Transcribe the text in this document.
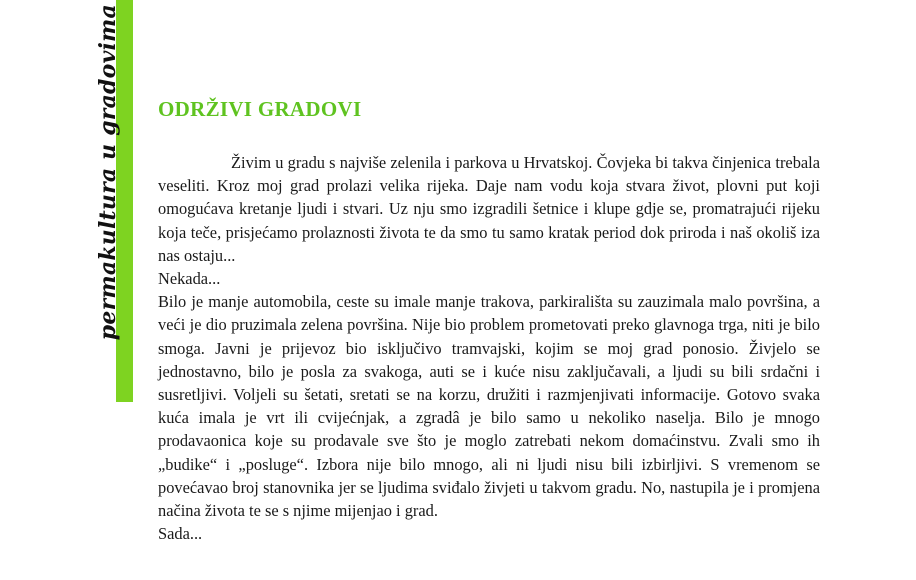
permakultura u gradovima ODRŽIVI GRADOVI

Živim u gradu s najviše zelenila i parkova u Hrvatskoj. Čovjeka bi takva činjenica trebala veseliti. Kroz moj grad prolazi velika rijeka. Daje nam vodu koja stvara život, plovni put koji omogućava kretanje ljudi i stvari. Uz nju smo izgradili šetnice i klupe gdje se, promatrajući rijeku koja teče, prisjećamo prolaznosti života te da smo tu samo kratak period dok priroda i naš okoliš iza nas ostaju...

Nekada...

Bilo je manje automobila, ceste su imale manje trakova, parkirališta su zauzimala malo površina, a veći je dio pruzimala zelena površina. Nije bio problem prometovati preko glavnoga trga, niti je bilo smoga. Javni je prijevoz bio isključivo tramvajski, kojim se moj grad ponosio. Živjelo se jednostavno, bilo je posla za svakoga, auti se i kuće nisu zaključavali, a ljudi su bili srdačni i susretljivi. Voljeli su šetati, sretati se na korzu, družiti i razmjenjivati informacije. Gotovo svaka kuća imala je vrt ili cvijećnjak, a zgradâ je bilo samo u nekoliko naselja. Bilo je mnogo prodavaonica koje su prodavale sve što je moglo zatrebati nekom domaćinstvu. Zvali smo ih „budike“ i „posluge“. Izbora nije bilo mnogo, ali ni ljudi nisu bili izbirljivi. S vremenom se povećavao broj stanovnika jer se ljudima sviđalo živjeti u takvom gradu. No, nastupila je i promjena načina života te se s njime mijenjao i grad.

Sada...
